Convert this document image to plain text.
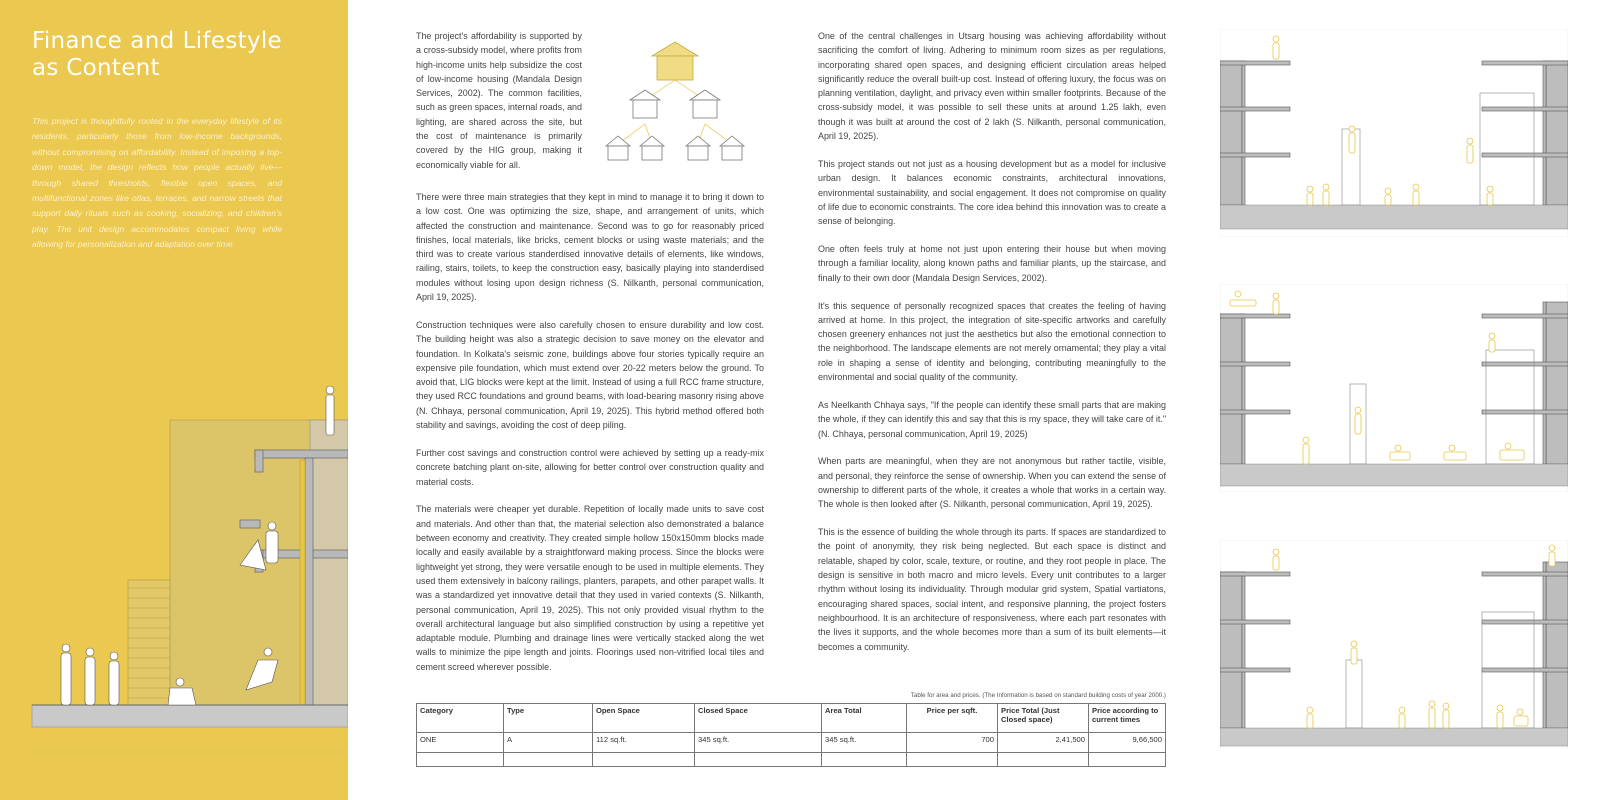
Finance and Lifestyle as Content

This project is thoughtfully rooted in the everyday lifestyle of its residents, particularly those from low-income backgrounds, without compromising on affordability. Instead of imposing a top-down model, the design reflects how people actually live—through shared thresholds, flexible open spaces, and multifunctional zones like otlas, terraces, and narrow streets that support daily rituals such as cooking, socializing, and children's play. The unit design accommodates compact living while allowing for personalization and adaptation over time

The project's affordability is supported by a cross-subsidy model, where profits from high-income units help subsidize the cost of low-income housing (Mandala Design Services, 2002). The common facilities, such as green spaces, internal roads, and lighting, are shared across the site, but the cost of maintenance is primarily covered by the HIG group, making it economically viable for all.

There were three main strategies that they kept in mind to manage it to bring it down to a low cost. One was optimizing the size, shape, and arrangement of units, which affected the construction and maintenance. Second was to go for reasonably priced finishes, local materials, like bricks, cement blocks or using waste materials; and the third was to create various standerdised innovative details of elements, like windows, railing, stairs, toilets, to keep the construction easy, basically playing into standerdised modules without losing upon design richness (S. Nilkanth, personal communication, April 19, 2025).

Construction techniques were also carefully chosen to ensure durability and low cost. The building height was also a strategic decision to save money on the elevator and foundation. In Kolkata's seismic zone, buildings above four stories typically require an expensive pile foundation, which must extend over 20-22 meters below the ground. To avoid that, LIG blocks were kept at the limit. Instead of using a full RCC frame structure, they used RCC foundations and ground beams, with load-bearing masonry rising above (N. Chhaya, personal communication, April 19, 2025). This hybrid method offered both stability and savings, avoiding the cost of deep piling.

Further cost savings and construction control were achieved by setting up a ready-mix concrete batching plant on-site, allowing for better control over construction quality and material costs.

The materials were cheaper yet durable. Repetition of locally made units to save cost and materials. And other than that, the material selection also demonstrated a balance between economy and creativity. They created simple hollow 150x150mm blocks made locally and easily available by a straightforward making process. Since the blocks were lightweight yet strong, they were versatile enough to be used in multiple elements. They used them extensively in balcony railings, planters, parapets, and other parapet walls. It was a standardized yet innovative detail that they used in varied contexts (S. Nilkanth, personal communication, April 19, 2025). This not only provided visual rhythm to the overall architectural language but also simplified construction by using a repetitive yet adaptable module. Plumbing and drainage lines were vertically stacked along the wet walls to minimize the pipe length and joints. Floorings used non-vitrified local tiles and cement screed wherever possible.

One of the central challenges in Utsarg housing was achieving affordability without sacrificing the comfort of living. Adhering to minimum room sizes as per regulations, incorporating shared open spaces, and designing efficient circulation areas helped significantly reduce the overall built-up cost. Instead of offering luxury, the focus was on planning ventilation, daylight, and privacy even within smaller footprints. Because of the cross-subsidy model, it was possible to sell these units at around 1.25 lakh, even though it was built at around the cost of 2 lakh (S. Nilkanth, personal communication, April 19, 2025).

This project stands out not just as a housing development but as a model for inclusive urban design. It balances economic constraints, architectural innovations, environmental sustainability, and social engagement. It does not compromise on quality of life due to economic constraints. The core idea behind this innovation was to create a sense of belonging.

One often feels truly at home not just upon entering their house but when moving through a familiar locality, along known paths and familiar plants, up the staircase, and finally to their own door (Mandala Design Services, 2002).

It's this sequence of personally recognized spaces that creates the feeling of having arrived at home. In this project, the integration of site-specific artworks and carefully chosen greenery enhances not just the aesthetics but also the emotional connection to the neighborhood. The landscape elements are not merely ornamental; they play a vital role in shaping a sense of identity and belonging, contributing meaningfully to the environmental and social quality of the community.

As Neelkanth Chhaya says, "If the people can identify these small parts that are making the whole, if they can identify this and say that this is my space, they will take care of it." (N. Chhaya, personal communication, April 19, 2025)

When parts are meaningful, when they are not anonymous but rather tactile, visible, and personal, they reinforce the sense of ownership. When you can extend the sense of ownership to different parts of the whole, it creates a whole that works in a certain way. The whole is then looked after (S. Nilkanth, personal communication, April 19, 2025).

This is the essence of building the whole through its parts. If spaces are standardized to the point of anonymity, they risk being neglected. But each space is distinct and relatable, shaped by color, scale, texture, or routine, and they root people in place. The design is sensitive in both macro and micro levels. Every unit contributes to a larger rhythm without losing its individuality. Through modular grid system, Spatial vartiatons, encouraging shared spaces, social intent, and responsive planning, the project fosters neighbourhood. It is an architecture of responsiveness, where each part resonates with the lives it supports, and the whole becomes more than a sum of its built elements—it becomes a community.

Table for area and prices. (The Information is based on standard building costs of year 2000.)
Category	Type	Open Space	Closed Space	Area Total	Price per sqft.	Price Total (Just Closed space)	Price according to current times
ONE	A	112 sq.ft.	345 sq.ft.	345 sq.ft.	700	2,41,500	9,66,500
